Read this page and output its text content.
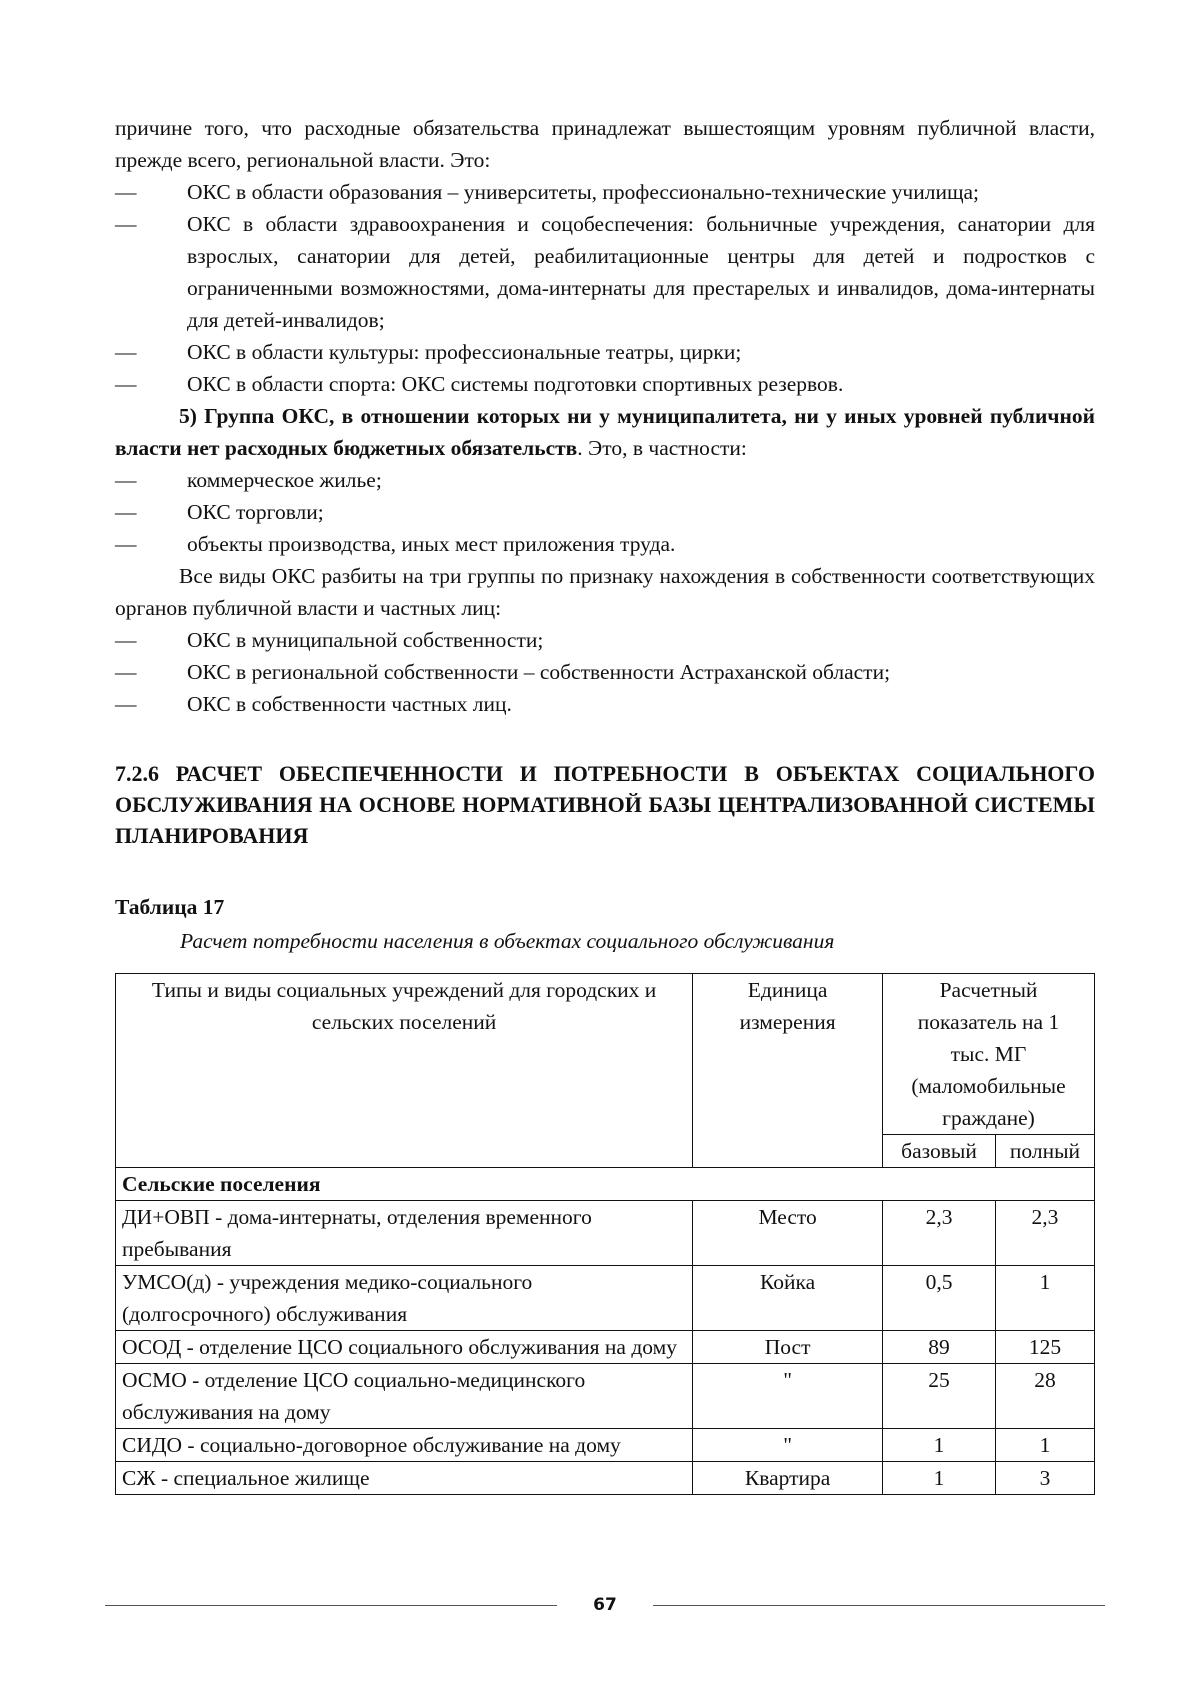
причине того, что расходные обязательства принадлежат вышестоящим уровням публичной власти, прежде всего, региональной власти. Это:

—	ОКС в области образования – университеты, профессионально-технические училища;

—	ОКС в области здравоохранения и соцобеспечения: больничные учреждения, санатории для взрослых, санатории для детей, реабилитационные центры для детей и подростков с ограниченными возможностями, дома-интернаты для престарелых и инвалидов, дома-интернаты для детей-инвалидов;

—	ОКС в области культуры: профессиональные театры, цирки;

—	ОКС в области спорта: ОКС системы подготовки спортивных резервов.

5) Группа ОКС, в отношении которых ни у муниципалитета, ни у иных уровней публичной власти нет расходных бюджетных обязательств. Это, в частности:

—	коммерческое жилье;

—	ОКС торговли;

—	объекты производства, иных мест приложения труда.

Все виды ОКС разбиты на три группы по признаку нахождения в собственности соответствующих органов публичной власти и частных лиц:

—	ОКС в муниципальной собственности;

—	ОКС в региональной собственности – собственности Астраханской области;

—	ОКС в собственности частных лиц.

7.2.6 РАСЧЕТ ОБЕСПЕЧЕННОСТИ И ПОТРЕБНОСТИ В ОБЪЕКТАХ СОЦИАЛЬНОГО ОБСЛУЖИВАНИЯ НА ОСНОВЕ НОРМАТИВНОЙ БАЗЫ ЦЕНТРАЛИЗОВАННОЙ СИСТЕМЫ ПЛАНИРОВАНИЯ

Таблица 17

Расчет потребности населения в объектах социального обслуживания

Типы и виды социальных учреждений для городских и сельских поселений	Единица измерения	Расчетный показатель на 1 тыс. МГ (маломобильные граждане)	
		базовый	полный
Сельские поселения			
ДИ+ОВП - дома-интернаты, отделения временного пребывания	Место	2,3	2,3
УМСО(д) - учреждения медико-социального (долгосрочного) обслуживания	Койка	0,5	1
ОСОД - отделение ЦСО социального обслуживания на дому	Пост	89	125
ОСМО - отделение ЦСО социально-медицинского обслуживания на дому	"	25	28
СИДО - социально-договорное обслуживание на дому	"	1	1
СЖ - специальное жилище	Квартира	1	3
67
